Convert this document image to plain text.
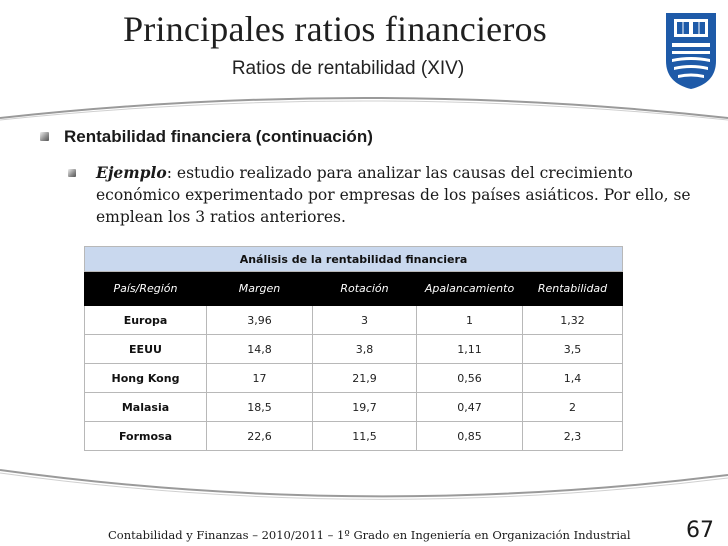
Principales ratios financieros
Ratios de rentabilidad (XIV)
Rentabilidad financiera (continuación)
Ejemplo: estudio realizado para analizar las causas del crecimiento económico experimentado por empresas de los países asiáticos. Por ello, se emplean los 3 ratios anteriores.
Análisis de la rentabilidad financiera				
País/Región	Margen	Rotación	Apalancamiento	Rentabilidad
Europa	3,96	3	1	1,32
EEUU	14,8	3,8	1,11	3,5
Hong Kong	17	21,9	0,56	1,4
Malasia	18,5	19,7	0,47	2
Formosa	22,6	11,5	0,85	2,3
Contabilidad y Finanzas – 2010/2011 – 1º Grado en Ingeniería en Organización Industrial	67
